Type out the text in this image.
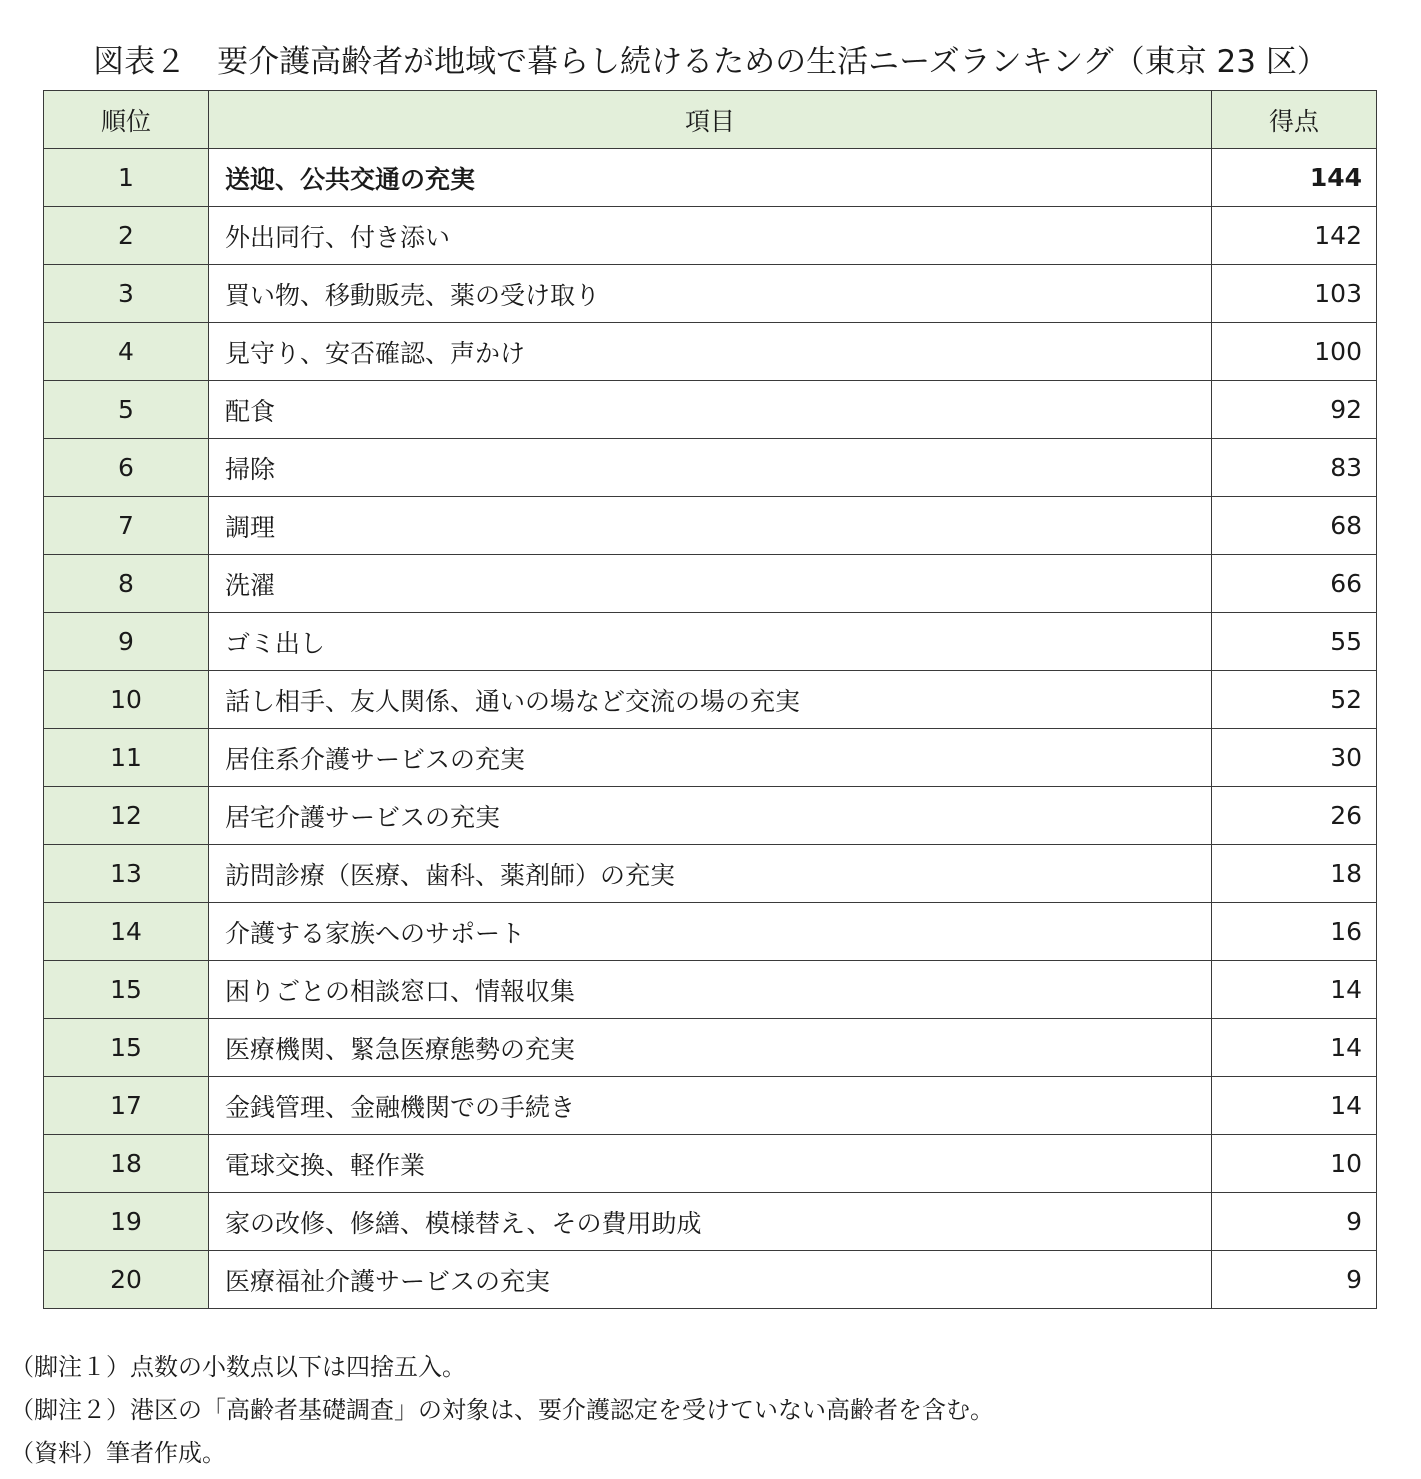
図表２　要介護高齢者が地域で暮らし続けるための生活ニーズランキング（東京 23 区）
順位	項目	得点
1	送迎、公共交通の充実	144
2	外出同行、付き添い	142
3	買い物、移動販売、薬の受け取り	103
4	見守り、安否確認、声かけ	100
5	配食	92
6	掃除	83
7	調理	68
8	洗濯	66
9	ゴミ出し	55
10	話し相手、友人関係、通いの場など交流の場の充実	52
11	居住系介護サービスの充実	30
12	居宅介護サービスの充実	26
13	訪問診療（医療、歯科、薬剤師）の充実	18
14	介護する家族へのサポート	16
15	困りごとの相談窓口、情報収集	14
15	医療機関、緊急医療態勢の充実	14
17	金銭管理、金融機関での手続き	14
18	電球交換、軽作業	10
19	家の改修、修繕、模様替え、その費用助成	9
20	医療福祉介護サービスの充実	9

（脚注１）点数の小数点以下は四捨五入。

（脚注２）港区の「高齢者基礎調査」の対象は、要介護認定を受けていない高齢者を含む。

（資料）筆者作成。
